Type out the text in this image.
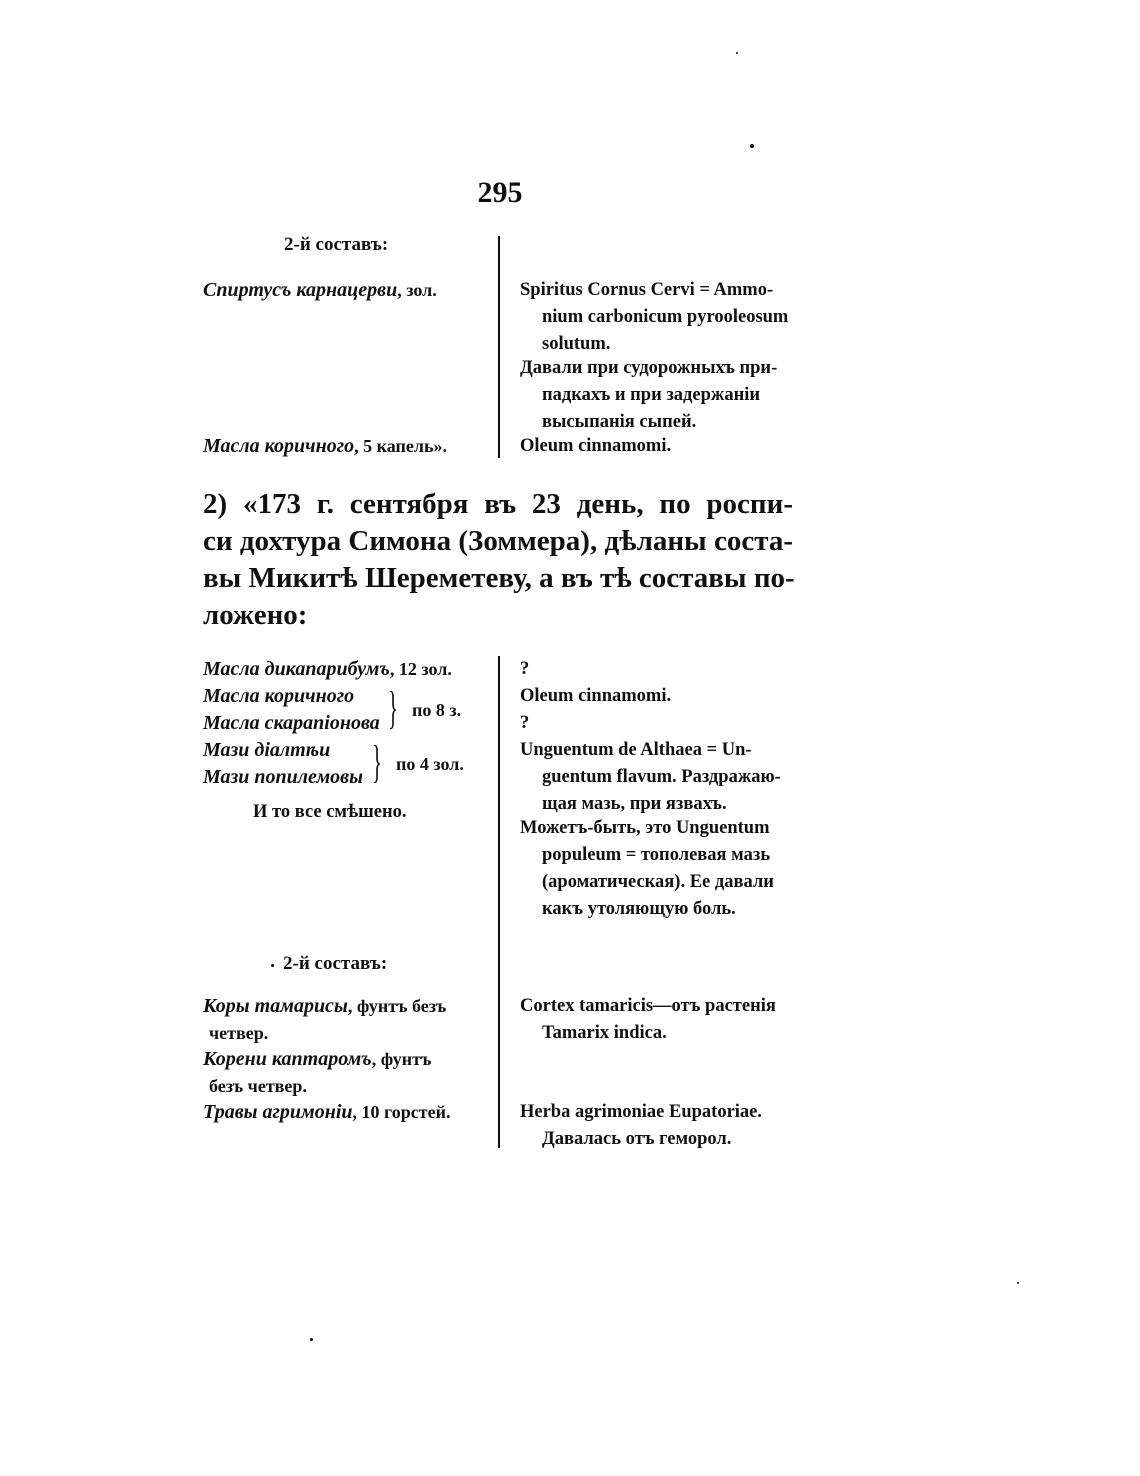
295
2-й составъ:
Спиртусъ карнацерви, зол.
Масла коричного, 5 капель».
Spiritus Cornus Cervi = Ammo-
nium carbonicum pyrooleosum
solutum.
Давали при судорожныхъ при-
падкахъ и при задержаніи
высыпанія сыпей.
Oleum cinnamomi.
2) «173 г. сентября въ 23 день, по роспи-
си дохтура Симона (Зоммера), дѣланы соста-
вы Микитѣ Шереметеву, а въ тѣ составы по-
ложено:
Масла дикапарибумъ, 12 зол.
Масла коричного
Масла скарапіонова } по 8 з.
Мази діалтѣи
Мази попилемовы } по 4 зол.
И то все смѣшено.
?
Oleum cinnamomi.
?
Unguentum de Althaea = Un-
guentum flavum. Раздражаю-
щая мазь, при язвахъ.
Можетъ-быть, это Unguentum
populeum = тополевая мазь
(ароматическая). Ее давали
какъ утоляющую боль.
2-й составъ:
Коры тамарисы, фунтъ безъ
четвер.
Корени каптаромъ, фунтъ
безъ четвер.
Травы агримоніи, 10 горстей.
Cortex tamaricis—отъ растенія
Tamarix indica.
Herba agrimoniae Eupatoriae.
Давалась отъ геморол.
